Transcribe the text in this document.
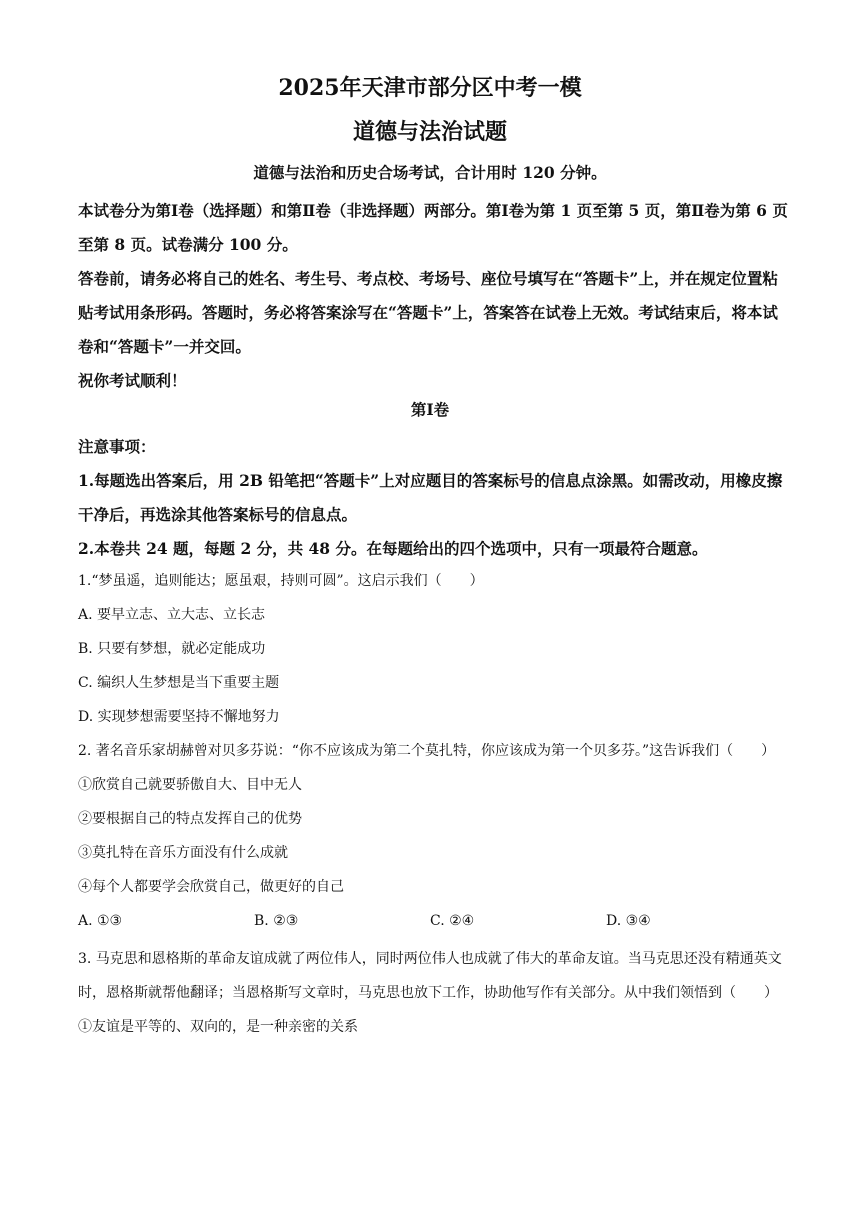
2025年天津市部分区中考一模
道德与法治试题
道德与法治和历史合场考试，合计用时 120 分钟。

本试卷分为第Ⅰ卷（选择题）和第Ⅱ卷（非选择题）两部分。第Ⅰ卷为第 1 页至第 5 页，第Ⅱ卷为第 6 页至第 8 页。试卷满分 100 分。

答卷前，请务必将自己的姓名、考生号、考点校、考场号、座位号填写在“答题卡”上，并在规定位置粘贴考试用条形码。答题时，务必将答案涂写在“答题卡”上，答案答在试卷上无效。考试结束后，将本试卷和“答题卡”一并交回。

祝你考试顺利！

第Ⅰ卷

注意事项：

1.每题选出答案后，用 2B 铅笔把“答题卡”上对应题目的答案标号的信息点涂黑。如需改动，用橡皮擦干净后，再选涂其他答案标号的信息点。

2.本卷共 24 题，每题 2 分，共 48 分。在每题给出的四个选项中，只有一项最符合题意。

1.“梦虽遥，追则能达；愿虽艰，持则可圆”。这启示我们（　　）

A. 要早立志、立大志、立长志

B. 只要有梦想，就必定能成功

C. 编织人生梦想是当下重要主题

D. 实现梦想需要坚持不懈地努力

2. 著名音乐家胡赫曾对贝多芬说：“你不应该成为第二个莫扎特，你应该成为第一个贝多芬。”这告诉我们（　　）

①欣赏自己就要骄傲自大、目中无人

②要根据自己的特点发挥自己的优势

③莫扎特在音乐方面没有什么成就

④每个人都要学会欣赏自己，做更好的自己

A. ①③	B. ②③	C. ②④	D. ③④

3. 马克思和恩格斯的革命友谊成就了两位伟人，同时两位伟人也成就了伟大的革命友谊。当马克思还没有精通英文时，恩格斯就帮他翻译；当恩格斯写文章时，马克思也放下工作，协助他写作有关部分。从中我们领悟到（　　）

①友谊是平等的、双向的，是一种亲密的关系
